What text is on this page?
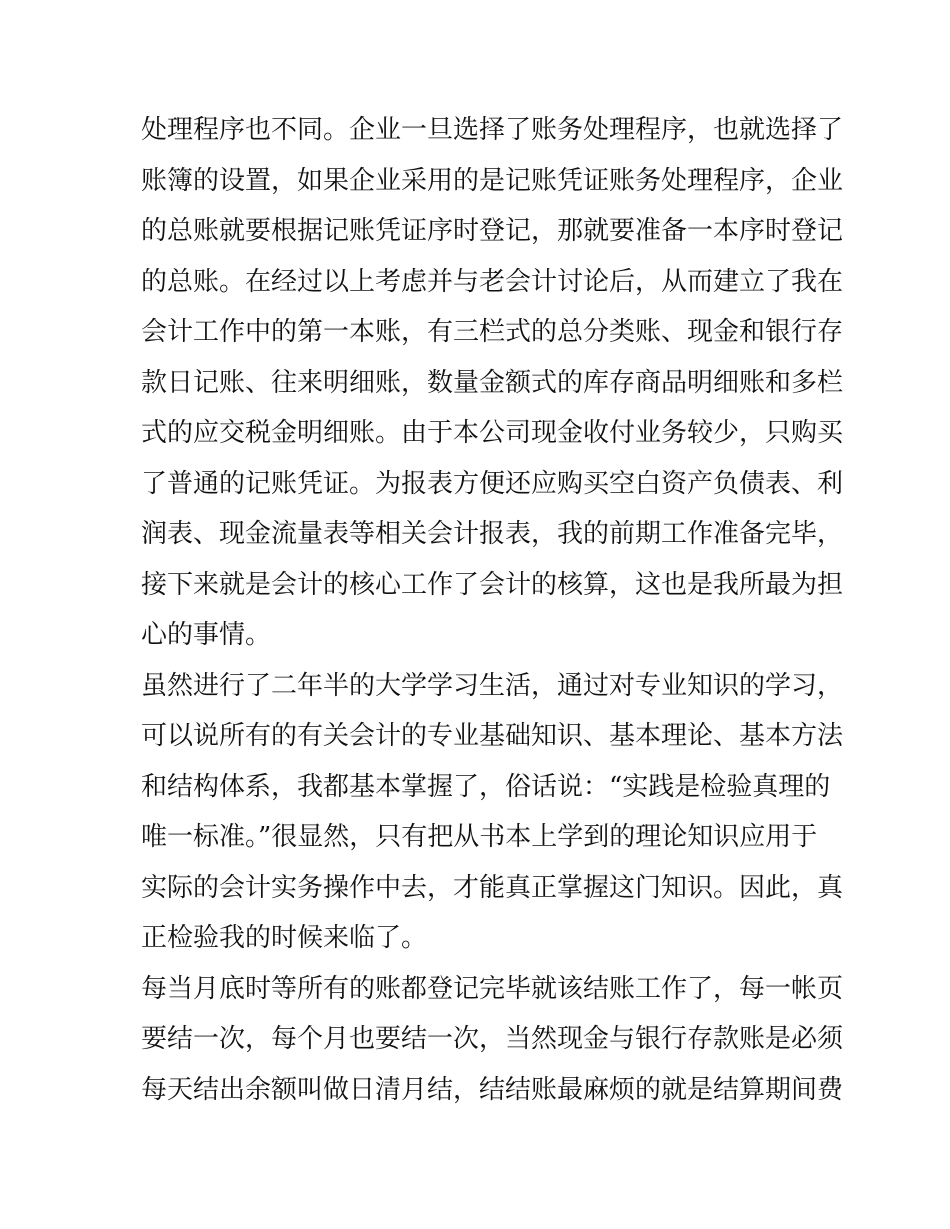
处理程序也不同。企业一旦选择了账务处理程序，也就选择了
账簿的设置，如果企业采用的是记账凭证账务处理程序，企业
的总账就要根据记账凭证序时登记，那就要准备一本序时登记
的总账。在经过以上考虑并与老会计讨论后，从而建立了我在
会计工作中的第一本账，有三栏式的总分类账、现金和银行存
款日记账、往来明细账，数量金额式的库存商品明细账和多栏
式的应交税金明细账。由于本公司现金收付业务较少，只购买
了普通的记账凭证。为报表方便还应购买空白资产负债表、利
润表、现金流量表等相关会计报表，我的前期工作准备完毕，
接下来就是会计的核心工作了会计的核算，这也是我所最为担
心的事情。
虽然进行了二年半的大学学习生活，通过对专业知识的学习，
可以说所有的有关会计的专业基础知识、基本理论、基本方法
和结构体系，我都基本掌握了，俗话说：“实践是检验真理的
唯一标准。”很显然，只有把从书本上学到的理论知识应用于
实际的会计实务操作中去，才能真正掌握这门知识。因此，真
正检验我的时候来临了。
每当月底时等所有的账都登记完毕就该结账工作了，每一帐页
要结一次，每个月也要结一次，当然现金与银行存款账是必须
每天结出余额叫做日清月结，结结账最麻烦的就是结算期间费
